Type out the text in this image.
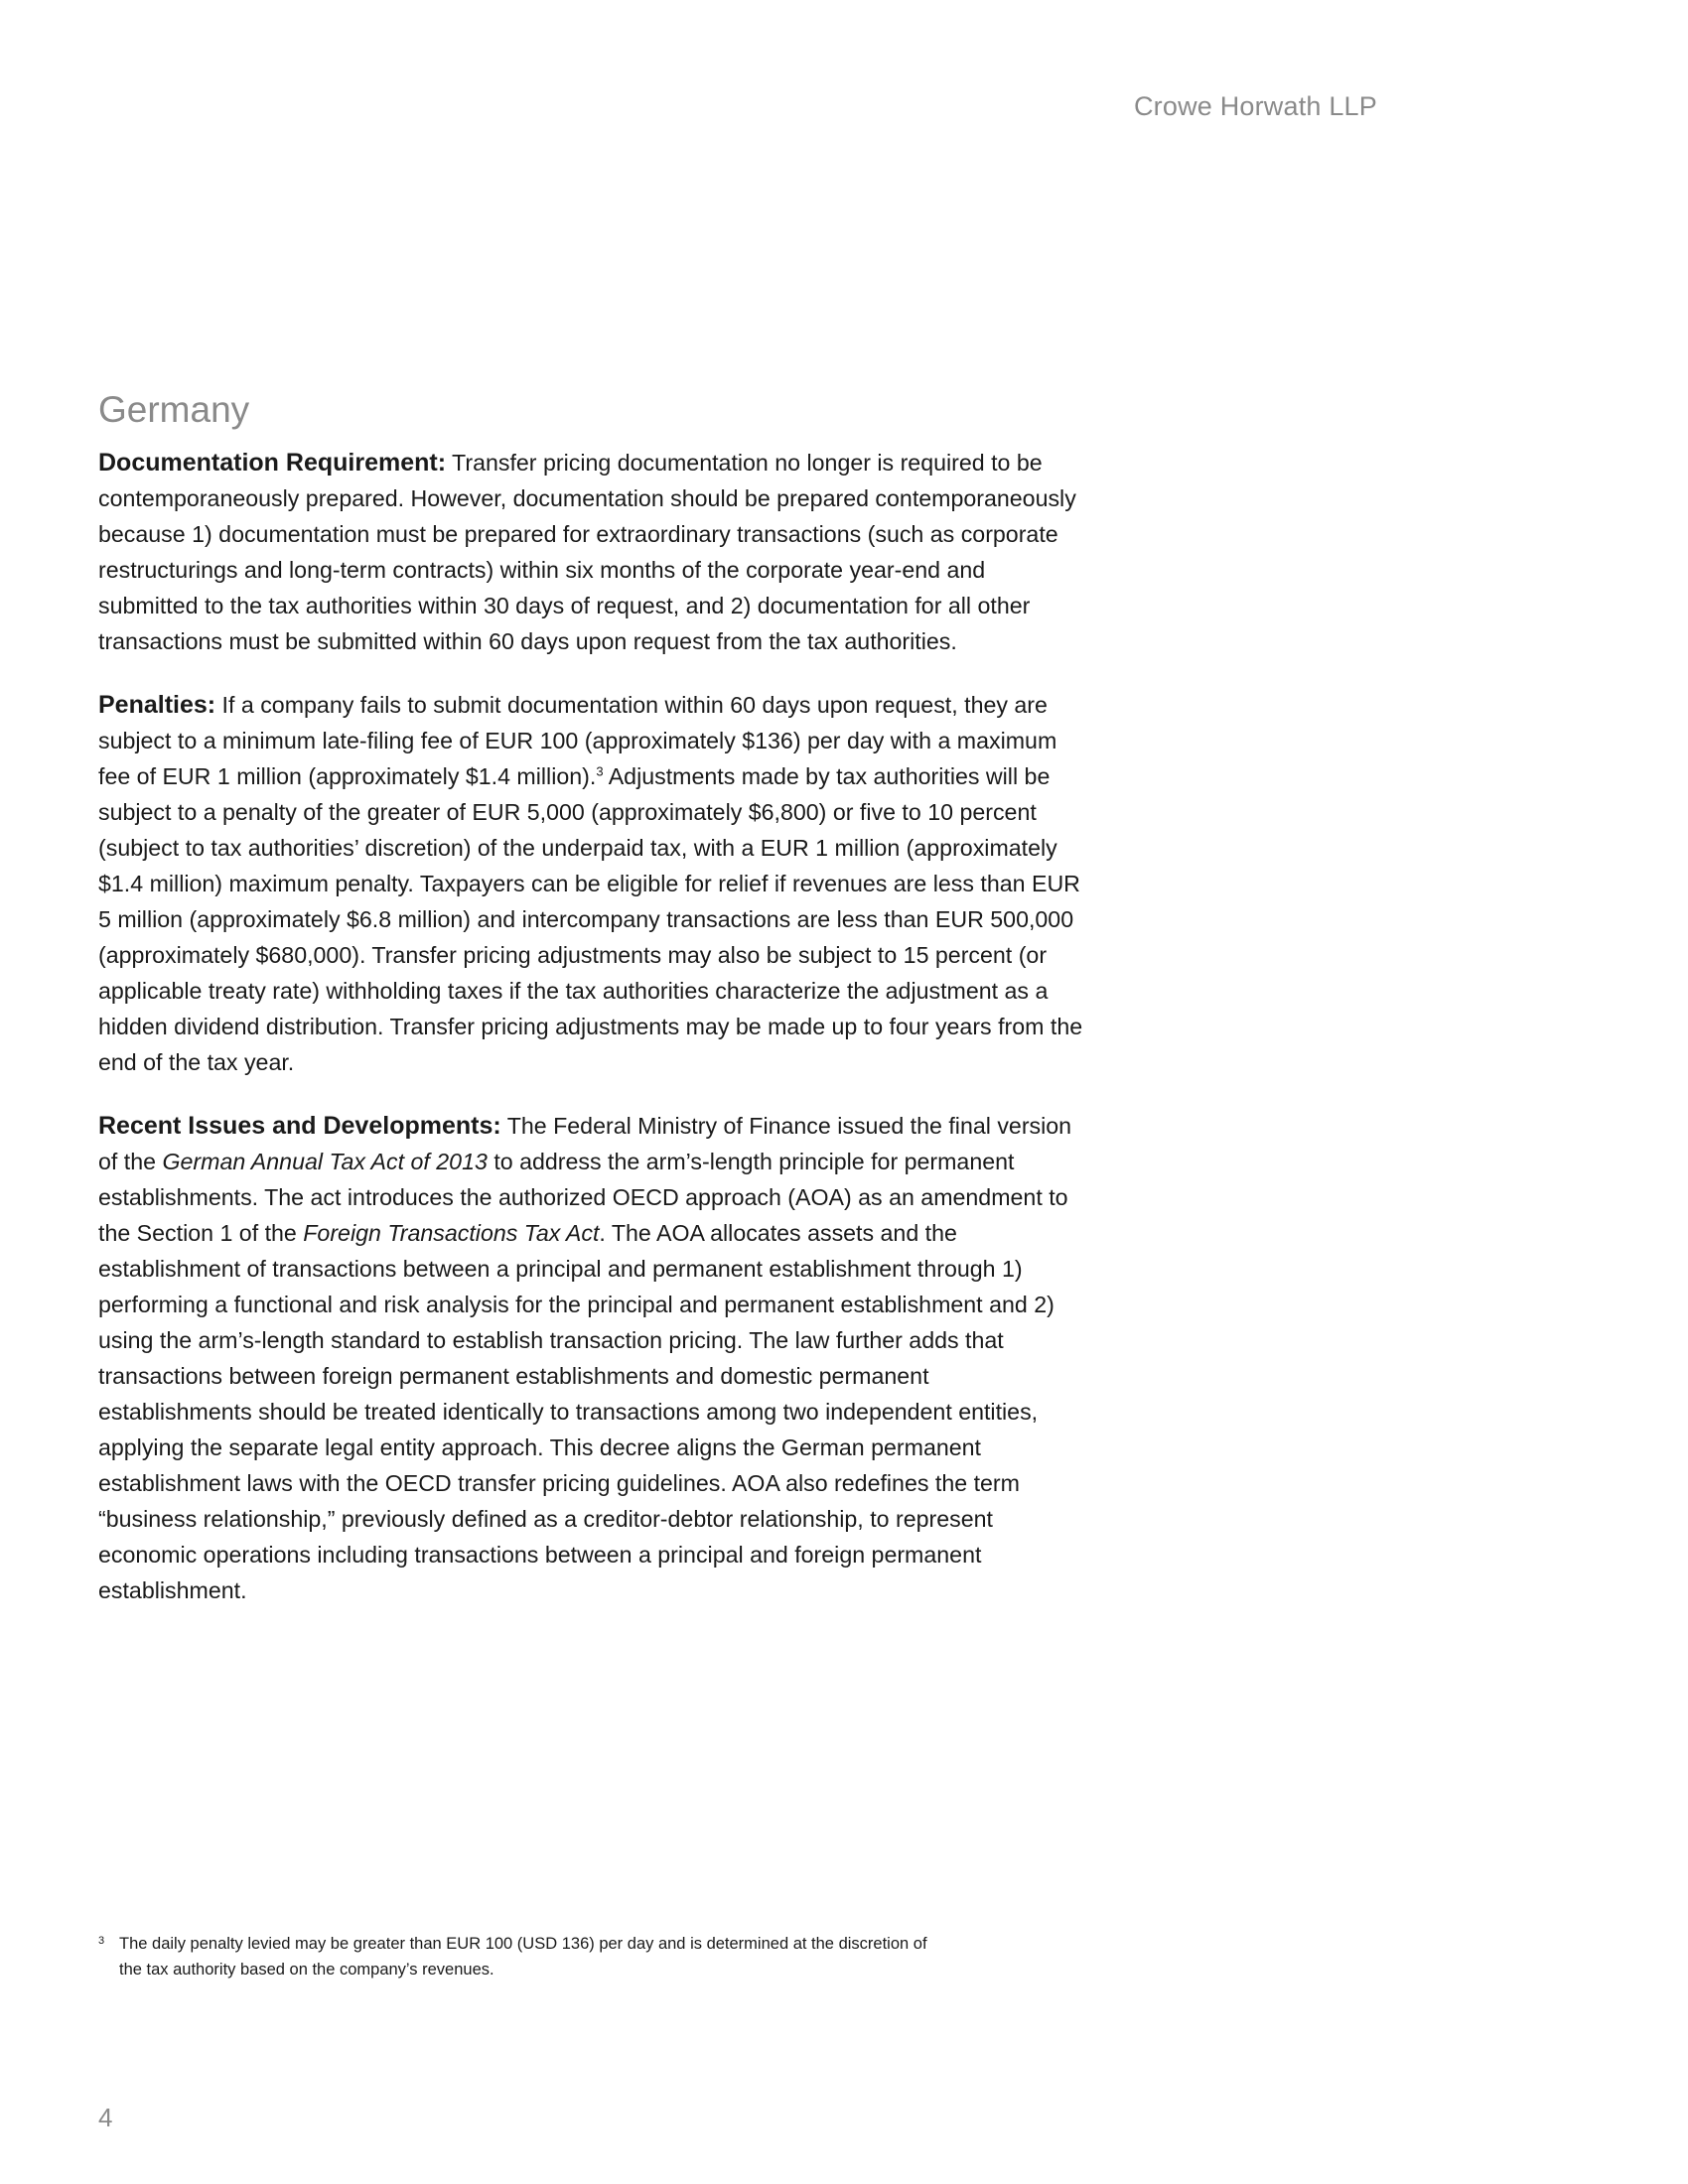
Crowe Horwath LLP
Germany

Documentation Requirement: Transfer pricing documentation no longer is required to be contemporaneously prepared. However, documentation should be prepared contemporaneously because 1) documentation must be prepared for extraordinary transactions (such as corporate restructurings and long-term contracts) within six months of the corporate year-end and submitted to the tax authorities within 30 days of request, and 2) documentation for all other transactions must be submitted within 60 days upon request from the tax authorities.

Penalties: If a company fails to submit documentation within 60 days upon request, they are subject to a minimum late-filing fee of EUR 100 (approximately $136) per day with a maximum fee of EUR 1 million (approximately $1.4 million).$^3$ Adjustments made by tax authorities will be subject to a penalty of the greater of EUR 5,000 (approximately $6,800) or five to 10 percent (subject to tax authorities’ discretion) of the underpaid tax, with a EUR 1 million (approximately $1.4 million) maximum penalty. Taxpayers can be eligible for relief if revenues are less than EUR 5 million (approximately $6.8 million) and intercompany transactions are less than EUR 500,000 (approximately $680,000). Transfer pricing adjustments may also be subject to 15 percent (or applicable treaty rate) withholding taxes if the tax authorities characterize the adjustment as a hidden dividend distribution. Transfer pricing adjustments may be made up to four years from the end of the tax year.

Recent Issues and Developments: The Federal Ministry of Finance issued the final version of the German Annual Tax Act of 2013 to address the arm’s-length principle for permanent establishments. The act introduces the authorized OECD approach (AOA) as an amendment to the Section 1 of the Foreign Transactions Tax Act. The AOA allocates assets and the establishment of transactions between a principal and permanent establishment through 1) performing a functional and risk analysis for the principal and permanent establishment and 2) using the arm’s-length standard to establish transaction pricing. The law further adds that transactions between foreign permanent establishments and domestic permanent establishments should be treated identically to transactions among two independent entities, applying the separate legal entity approach. This decree aligns the German permanent establishment laws with the OECD transfer pricing guidelines. AOA also redefines the term “business relationship,” previously defined as a creditor-debtor relationship, to represent economic operations including transactions between a principal and foreign permanent establishment.

3 The daily penalty levied may be greater than EUR 100 (USD 136) per day and is determined at the discretion of the tax authority based on the company’s revenues.
4
